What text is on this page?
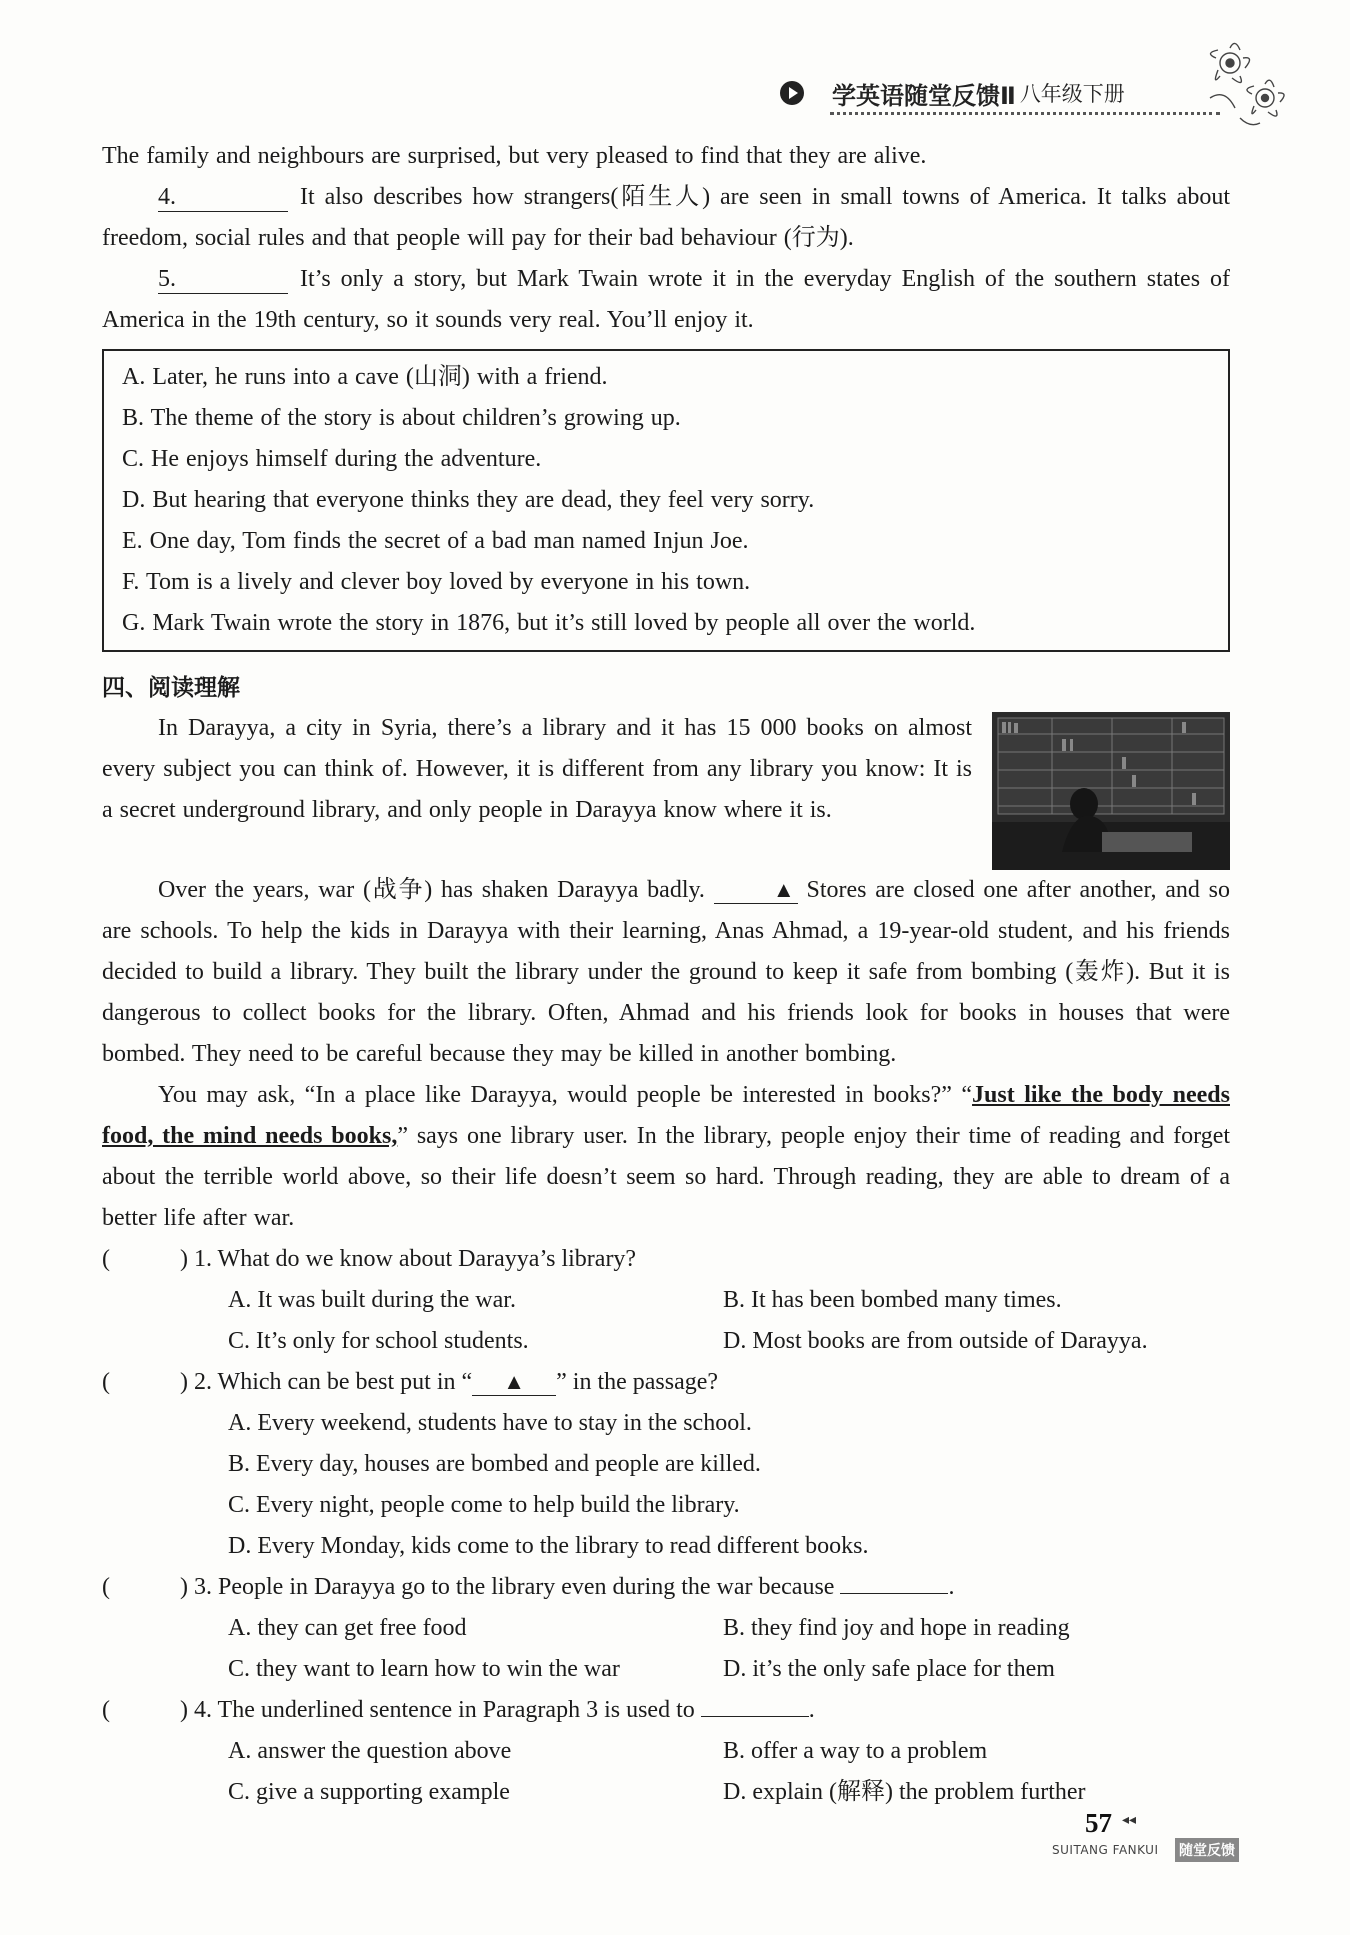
学英语随堂反馈Ⅱ 八年级下册

The family and neighbours are surprised, but very pleased to find that they are alive.

4.	It also describes how strangers(陌生人) are seen in small towns of America. It talks about freedom, social rules and that people will pay for their bad behaviour (行为).

5.	It’s only a story, but Mark Twain wrote it in the everyday English of the southern states of America in the 19th century, so it sounds very real. You’ll enjoy it.

A. Later, he runs into a cave (山洞) with a friend.

B. The theme of the story is about children’s growing up.

C. He enjoys himself during the adventure.

D. But hearing that everyone thinks they are dead, they feel very sorry.

E. One day, Tom finds the secret of a bad man named Injun Joe.

F. Tom is a lively and clever boy loved by everyone in his town.

G. Mark Twain wrote the story in 1876, but it’s still loved by people all over the world.

四、阅读理解

In Darayya, a city in Syria, there’s a library and it has 15 000 books on almost every subject you can think of. However, it is different from any library you know: It is a secret underground library, and only people in Darayya know where it is.

Over the years, war (战争) has shaken Darayya badly.	▲ Stores are closed one after another, and so are schools. To help the kids in Darayya with their learning, Anas Ahmad, a 19-year-old student, and his friends decided to build a library. They built the library under the ground to keep it safe from bombing (轰炸). But it is dangerous to collect books for the library. Often, Ahmad and his friends look for books in houses that were bombed. They need to be careful because they may be killed in another bombing.

You may ask, “In a place like Darayya, would people be interested in books?” “Just like the body needs food, the mind needs books,” says one library user. In the library, people enjoy their time of reading and forget about the terrible world above, so their life doesn’t seem so hard. Through reading, they are able to dream of a better life after war.

(	) 1. What do we know about Darayya’s library?
A. It was built during the war.	B. It has been bombed many times.
C. It’s only for school students.	D. Most books are from outside of Darayya.
(	) 2. Which can be best put in “ ▲ ” in the passage?
A. Every weekend, students have to stay in the school.
B. Every day, houses are bombed and people are killed.
C. Every night, people come to help build the library.
D. Every Monday, kids come to the library to read different books.
(	) 3. People in Darayya go to the library even during the war because	.
A. they can get free food	B. they find joy and hope in reading
C. they want to learn how to win the war	D. it’s the only safe place for them
(	) 4. The underlined sentence in Paragraph 3 is used to	.
A. answer the question above	B. offer a way to a problem
C. give a supporting example	D. explain (解释) the problem further
57 ◂◂
SUITANG FANKUI 随堂反馈
